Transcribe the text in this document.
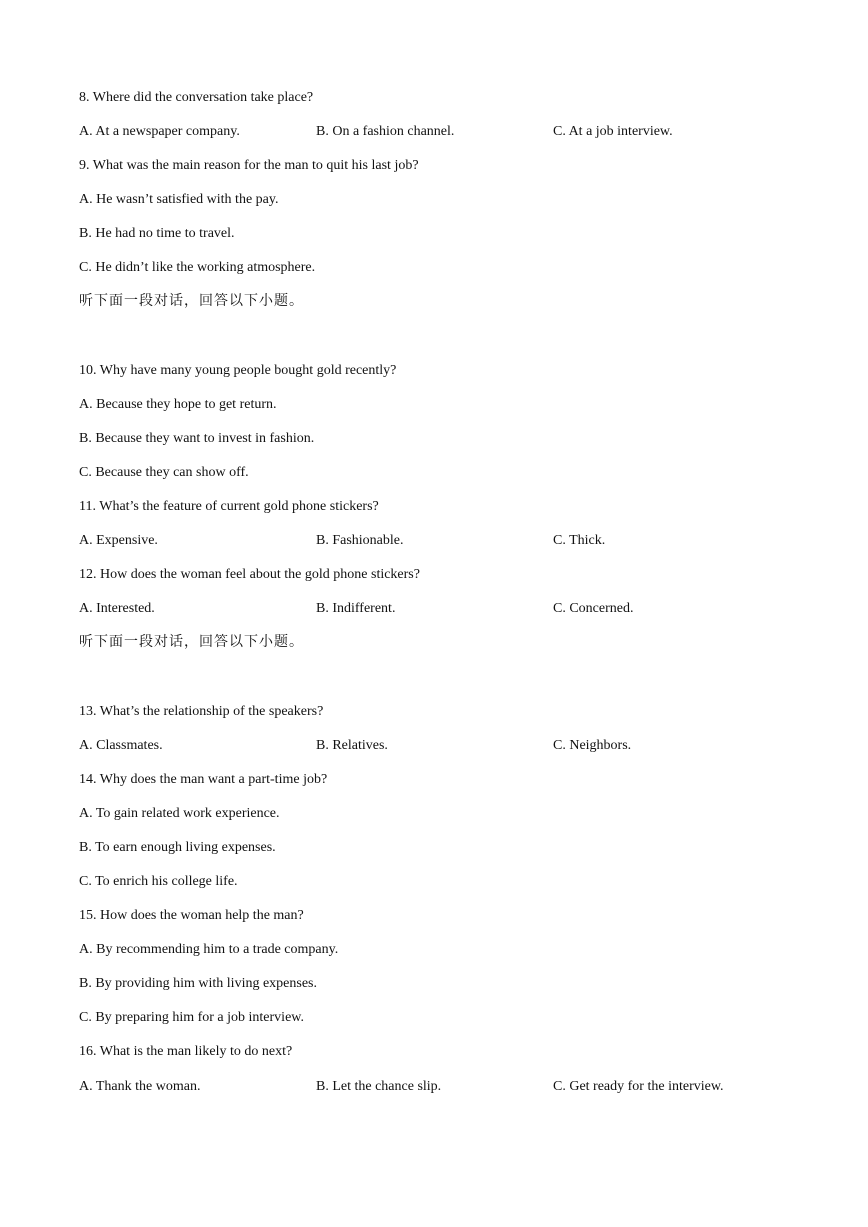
8. Where did the conversation take place?
A. At a newspaper company.	B. On a fashion channel.	C. At a job interview.
9. What was the main reason for the man to quit his last job?
A. He wasn’t satisfied with the pay.
B. He had no time to travel.
C. He didn’t like the working atmosphere.
听下面一段对话，回答以下小题。
10. Why have many young people bought gold recently?
A. Because they hope to get return.
B. Because they want to invest in fashion.
C. Because they can show off.
11. What’s the feature of current gold phone stickers?
A. Expensive.	B. Fashionable.	C. Thick.
12. How does the woman feel about the gold phone stickers?
A. Interested.	B. Indifferent.	C. Concerned.
听下面一段对话，回答以下小题。
13. What’s the relationship of the speakers?
A. Classmates.	B. Relatives.	C. Neighbors.
14. Why does the man want a part-time job?
A. To gain related work experience.
B. To earn enough living expenses.
C. To enrich his college life.
15. How does the woman help the man?
A. By recommending him to a trade company.
B. By providing him with living expenses.
C. By preparing him for a job interview.
16. What is the man likely to do next?
A. Thank the woman.	B. Let the chance slip.	C. Get ready for the interview.
